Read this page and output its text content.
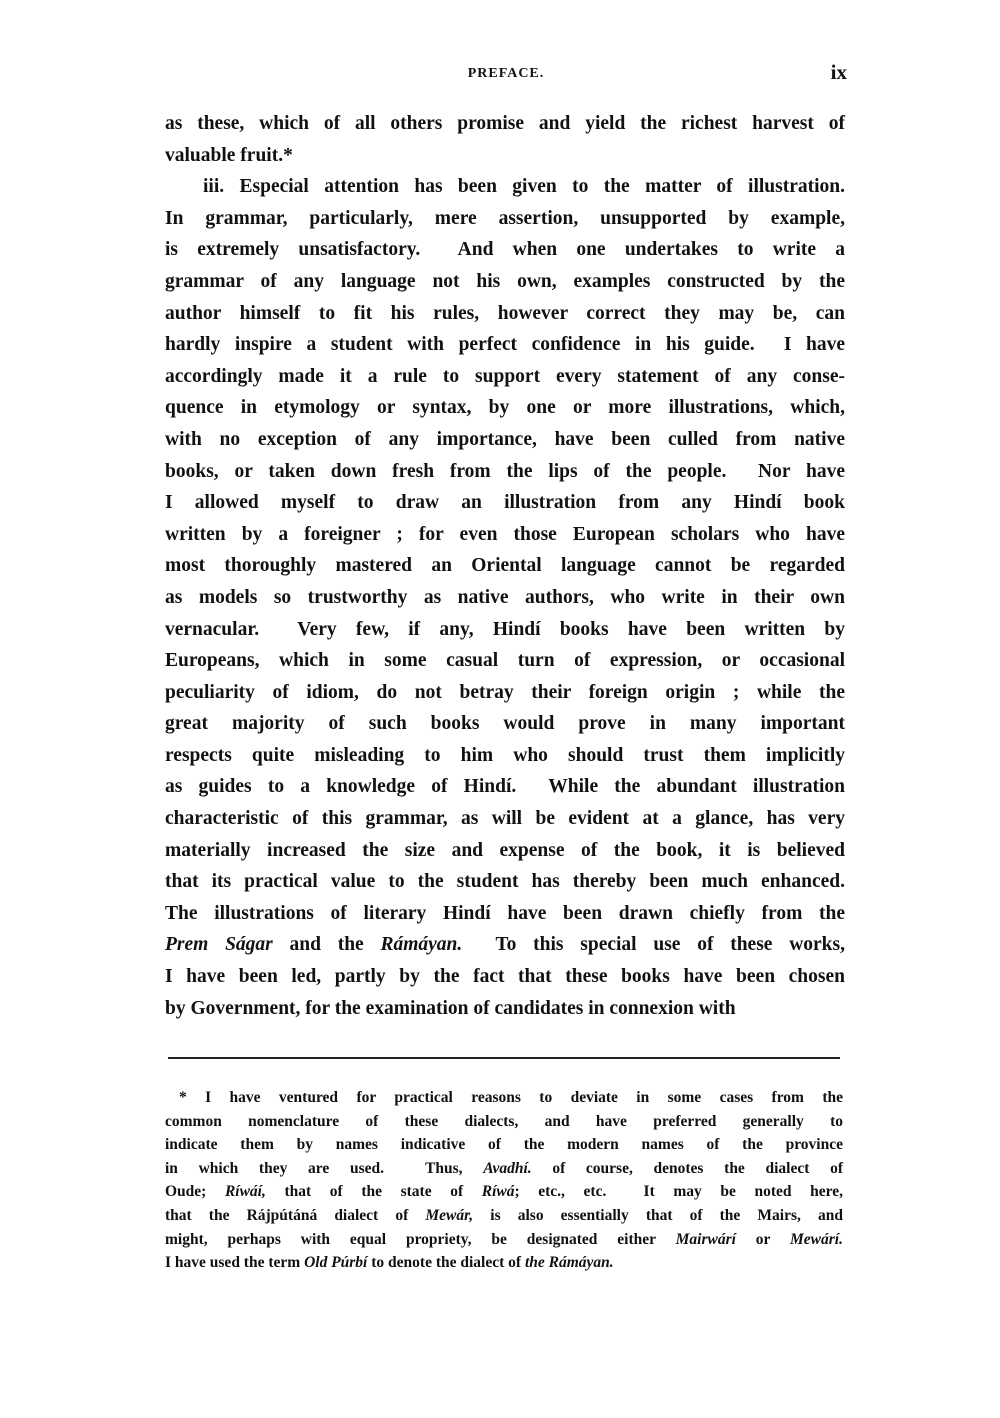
PREFACE.	ix
as these, which of all others promise and yield the richest harvest of
valuable fruit.*
iii. Especial attention has been given to the matter of illustration.
In grammar, particularly, mere assertion, unsupported by example,
is extremely unsatisfactory.  And when one undertakes to write a
grammar of any language not his own, examples constructed by the
author himself to fit his rules, however correct they may be, can
hardly inspire a student with perfect confidence in his guide.  I have
accordingly made it a rule to support every statement of any conse-
quence in etymology or syntax, by one or more illustrations, which,
with no exception of any importance, have been culled from native
books, or taken down fresh from the lips of the people.  Nor have
I allowed myself to draw an illustration from any Hindí book
written by a foreigner ; for even those European scholars who have
most thoroughly mastered an Oriental language cannot be regarded
as models so trustworthy as native authors, who write in their own
vernacular.  Very few, if any, Hindí books have been written by
Europeans, which in some casual turn of expression, or occasional
peculiarity of idiom, do not betray their foreign origin ; while the
great majority of such books would prove in many important
respects quite misleading to him who should trust them implicitly
as guides to a knowledge of Hindí.  While the abundant illustration
characteristic of this grammar, as will be evident at a glance, has very
materially increased the size and expense of the book, it is believed
that its practical value to the student has thereby been much enhanced.
The illustrations of literary Hindí have been drawn chiefly from the
Prem Ságar and the Rámáyan.  To this special use of these works,
I have been led, partly by the fact that these books have been chosen
by Government, for the examination of candidates in connexion with
* I have ventured for practical reasons to deviate in some cases from the
common nomenclature of these dialects, and have preferred generally to
indicate them by names indicative of the modern names of the province
in which they are used.  Thus, Avadhí. of course, denotes the dialect of
Oude; Ríwáí, that of the state of Ríwá; etc., etc.  It may be noted here,
that the Rájpútáná dialect of Mewár, is also essentially that of the Mairs, and
might, perhaps with equal propriety, be designated either Mairwárí or Mewárí.
I have used the term Old Púrbí to denote the dialect of the Rámáyan.
